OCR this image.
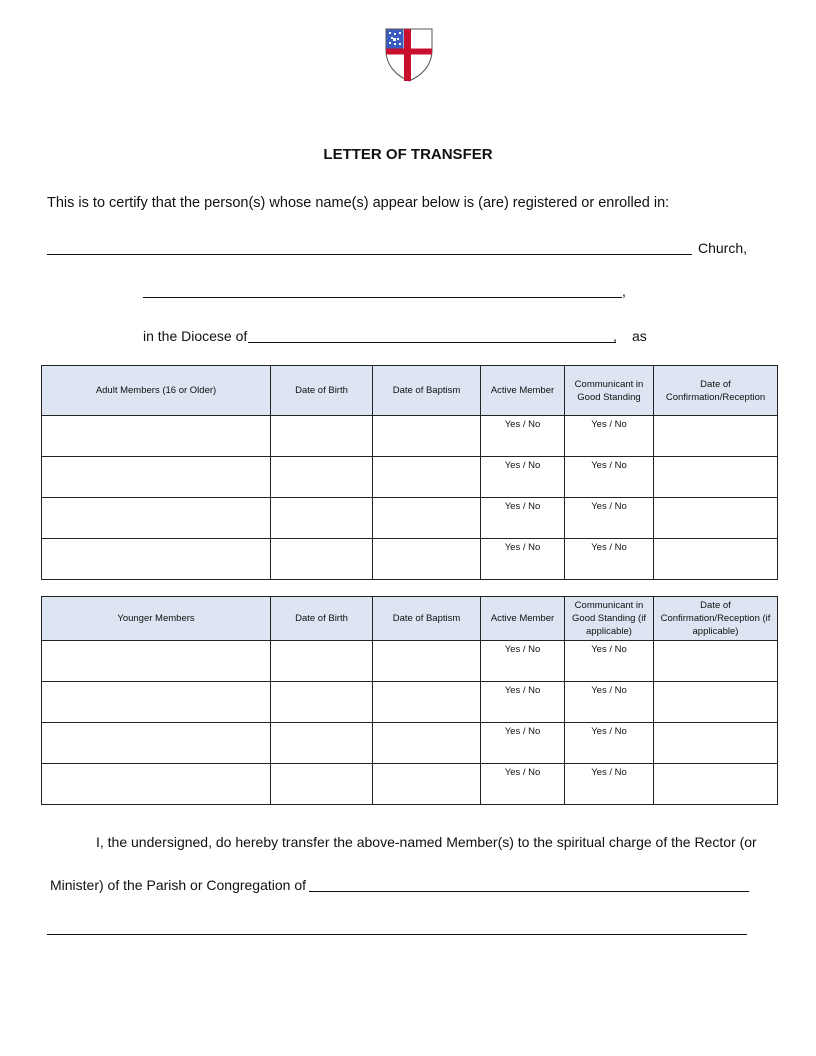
LETTER OF TRANSFER
This is to certify that the person(s) whose name(s) appear below is (are) registered or enrolled in:
Church,
,
in the Diocese of	, as
Adult Members (16 or Older)	Date of Birth	Date of Baptism	Active Member	Communicant in Good Standing	Date of Confirmation/Reception
			Yes / No	Yes / No	
			Yes / No	Yes / No	
			Yes / No	Yes / No	
			Yes / No	Yes / No	
Younger Members	Date of Birth	Date of Baptism	Active Member	Communicant in Good Standing (if applicable)	Date of Confirmation/Reception (if applicable)
			Yes / No	Yes / No	
			Yes / No	Yes / No	
			Yes / No	Yes / No	
			Yes / No	Yes / No	
I, the undersigned, do hereby transfer the above-named Member(s) to the spiritual charge of the Rector (or
Minister) of the Parish or Congregation of
